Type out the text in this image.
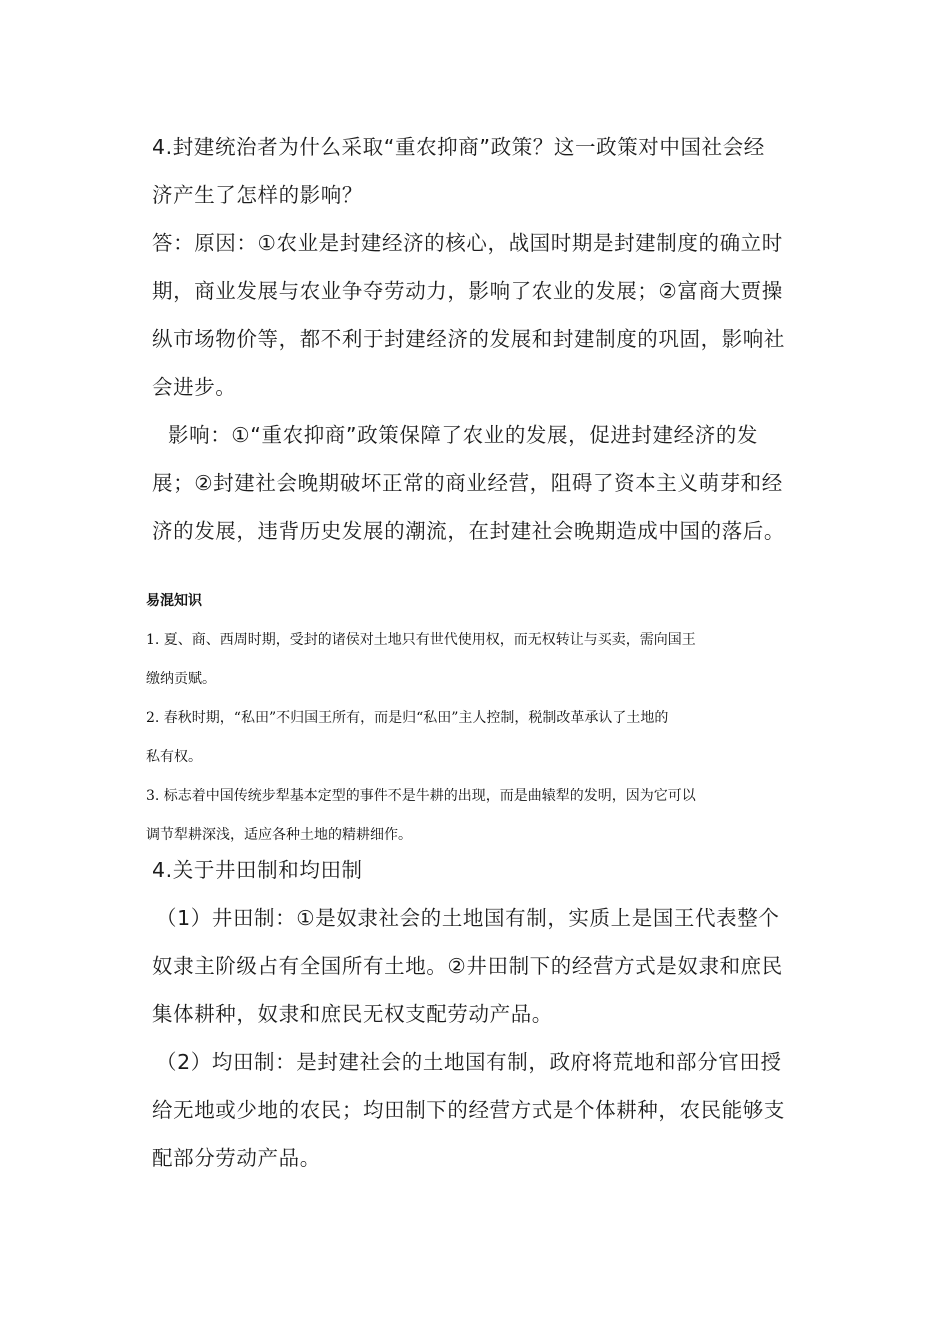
4.封建统治者为什么采取“重农抑商”政策？这一政策对中国社会经

济产生了怎样的影响？

答：原因：①农业是封建经济的核心，战国时期是封建制度的确立时

期，商业发展与农业争夺劳动力，影响了农业的发展；②富商大贾操

纵市场物价等，都不利于封建经济的发展和封建制度的巩固，影响社

会进步。

影响：①“重农抑商”政策保障了农业的发展，促进封建经济的发

展；②封建社会晚期破坏正常的商业经营，阻碍了资本主义萌芽和经

济的发展，违背历史发展的潮流，在封建社会晚期造成中国的落后。

易混知识

1. 夏、商、西周时期，受封的诸侯对土地只有世代使用权，而无权转让与买卖，需向国王

缴纳贡赋。

2. 春秋时期，“私田”不归国王所有，而是归“私田”主人控制，税制改革承认了土地的

私有权。

3. 标志着中国传统步犁基本定型的事件不是牛耕的出现，而是曲辕犁的发明，因为它可以

调节犁耕深浅，适应各种土地的精耕细作。

4.关于井田制和均田制

（1）井田制：①是奴隶社会的土地国有制，实质上是国王代表整个

奴隶主阶级占有全国所有土地。②井田制下的经营方式是奴隶和庶民

集体耕种，奴隶和庶民无权支配劳动产品。

（2）均田制：是封建社会的土地国有制，政府将荒地和部分官田授

给无地或少地的农民；均田制下的经营方式是个体耕种，农民能够支

配部分劳动产品。
